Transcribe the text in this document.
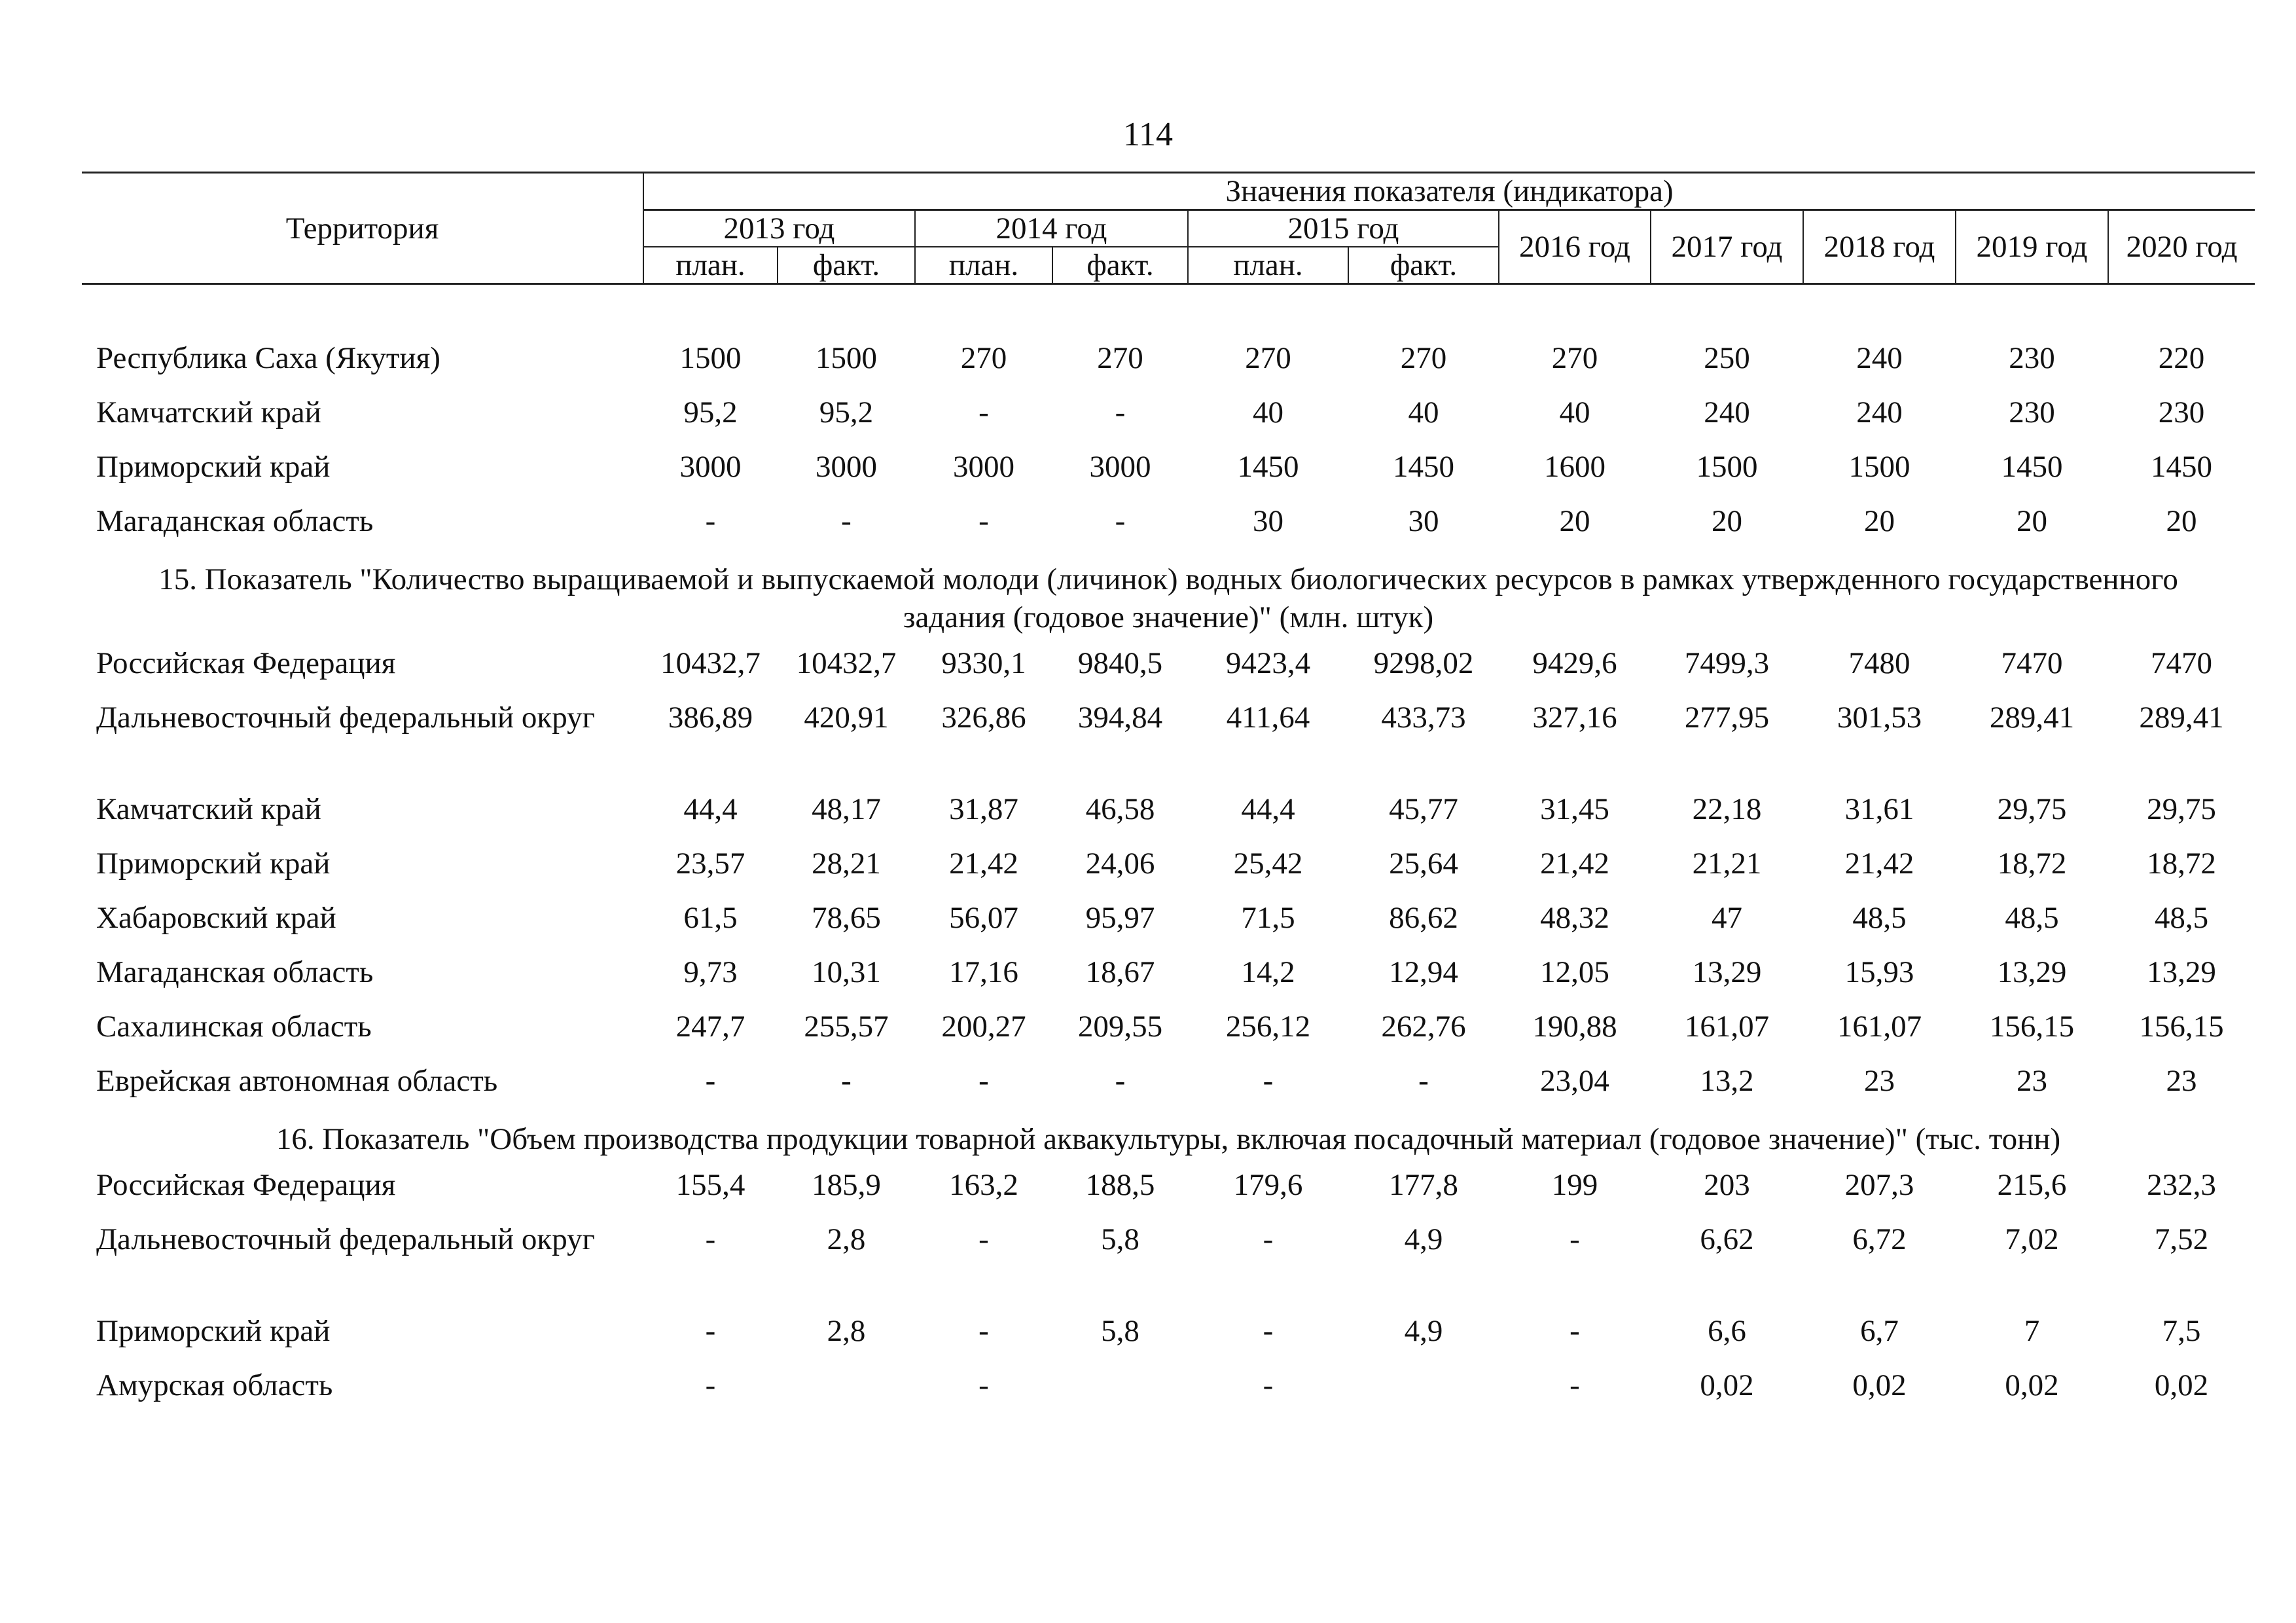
114
Территория	Значения показателя (индикатора)										
	2013 год		2014 год		2015 год		2016 год	2017 год	2018 год	2019 год	2020 год
	план.	факт.	план.	факт.	план.	факт.					

Республика Саха (Якутия)	1500	1500	270	270	270	270	270	250	240	230	220
Камчатский край	95,2	95,2	-	-	40	40	40	240	240	230	230
Приморский край	3000	3000	3000	3000	1450	1450	1600	1500	1500	1450	1450
Магаданская область	-	-	-	-	30	30	20	20	20	20	20
15. Показатель "Количество выращиваемой и выпускаемой молоди (личинок) водных биологических ресурсов в рамках утвержденного государственного задания (годовое значение)" (млн. штук)											
Российская Федерация	10432,7	10432,7	9330,1	9840,5	9423,4	9298,02	9429,6	7499,3	7480	7470	7470
Дальневосточный федеральный округ	386,89	420,91	326,86	394,84	411,64	433,73	327,16	277,95	301,53	289,41	289,41
Камчатский край	44,4	48,17	31,87	46,58	44,4	45,77	31,45	22,18	31,61	29,75	29,75
Приморский край	23,57	28,21	21,42	24,06	25,42	25,64	21,42	21,21	21,42	18,72	18,72
Хабаровский край	61,5	78,65	56,07	95,97	71,5	86,62	48,32	47	48,5	48,5	48,5
Магаданская область	9,73	10,31	17,16	18,67	14,2	12,94	12,05	13,29	15,93	13,29	13,29
Сахалинская область	247,7	255,57	200,27	209,55	256,12	262,76	190,88	161,07	161,07	156,15	156,15
Еврейская автономная область	-	-	-	-	-	-	23,04	13,2	23	23	23
16. Показатель "Объем производства продукции товарной аквакультуры, включая посадочный материал (годовое значение)" (тыс. тонн)											
Российская Федерация	155,4	185,9	163,2	188,5	179,6	177,8	199	203	207,3	215,6	232,3
Дальневосточный федеральный округ	-	2,8	-	5,8	-	4,9	-	6,62	6,72	7,02	7,52
Приморский край	-	2,8	-	5,8	-	4,9	-	6,6	6,7	7	7,5
Амурская область	-		-		-		-	0,02	0,02	0,02	0,02
